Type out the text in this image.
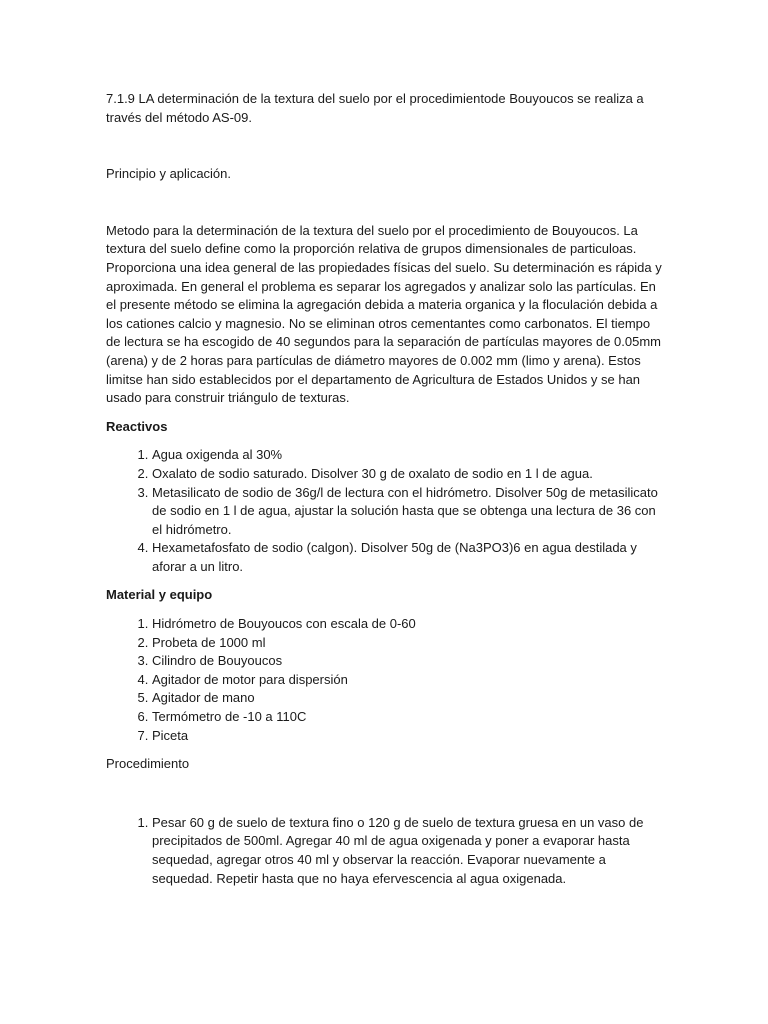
7.1.9 LA determinación de la textura del suelo por el procedimientode Bouyoucos se realiza a través del método AS-09.

Principio y aplicación.

Metodo para la determinación de la textura del suelo por el procedimiento de Bouyoucos. La textura del suelo define como la proporción relativa de grupos dimensionales de particuloas. Proporciona una idea general de las propiedades físicas del suelo. Su determinación es rápida y aproximada. En general el problema es separar los agregados y analizar solo las partículas. En el presente método se elimina la agregación debida a materia organica y la floculación debida a los cationes calcio y magnesio. No se eliminan otros cementantes como carbonatos. El tiempo de lectura se ha escogido de 40 segundos para la separación de partículas mayores de 0.05mm (arena) y de 2 horas para partículas de diámetro mayores de 0.002 mm (limo y arena). Estos limitse han sido establecidos por el departamento de Agricultura de Estados Unidos y se han usado para construir triángulo de texturas.

Reactivos

1. Agua oxigenda al 30%
2. Oxalato de sodio saturado. Disolver 30 g de oxalato de sodio en 1 l de agua.
3. Metasilicato de sodio de 36g/l de lectura con el hidrómetro. Disolver 50g de metasilicato de sodio en 1 l de agua, ajustar la solución hasta que se obtenga una lectura de 36 con el hidrómetro.
4. Hexametafosfato de sodio (calgon). Disolver 50g de (Na3PO3)6 en agua destilada y aforar a un litro.

Material y equipo

1. Hidrómetro de Bouyoucos con escala de 0-60
2. Probeta de 1000 ml
3. Cilindro de Bouyoucos
4. Agitador de motor para dispersión
5. Agitador de mano
6. Termómetro de -10 a 110C
7. Piceta

Procedimiento

1. Pesar 60 g de suelo de textura fino o 120 g de suelo de textura gruesa en un vaso de precipitados de 500ml. Agregar 40 ml de agua oxigenada y poner a evaporar hasta sequedad, agregar otros 40 ml y observar la reacción. Evaporar nuevamente a sequedad. Repetir hasta que no haya efervescencia al agua oxigenada.
